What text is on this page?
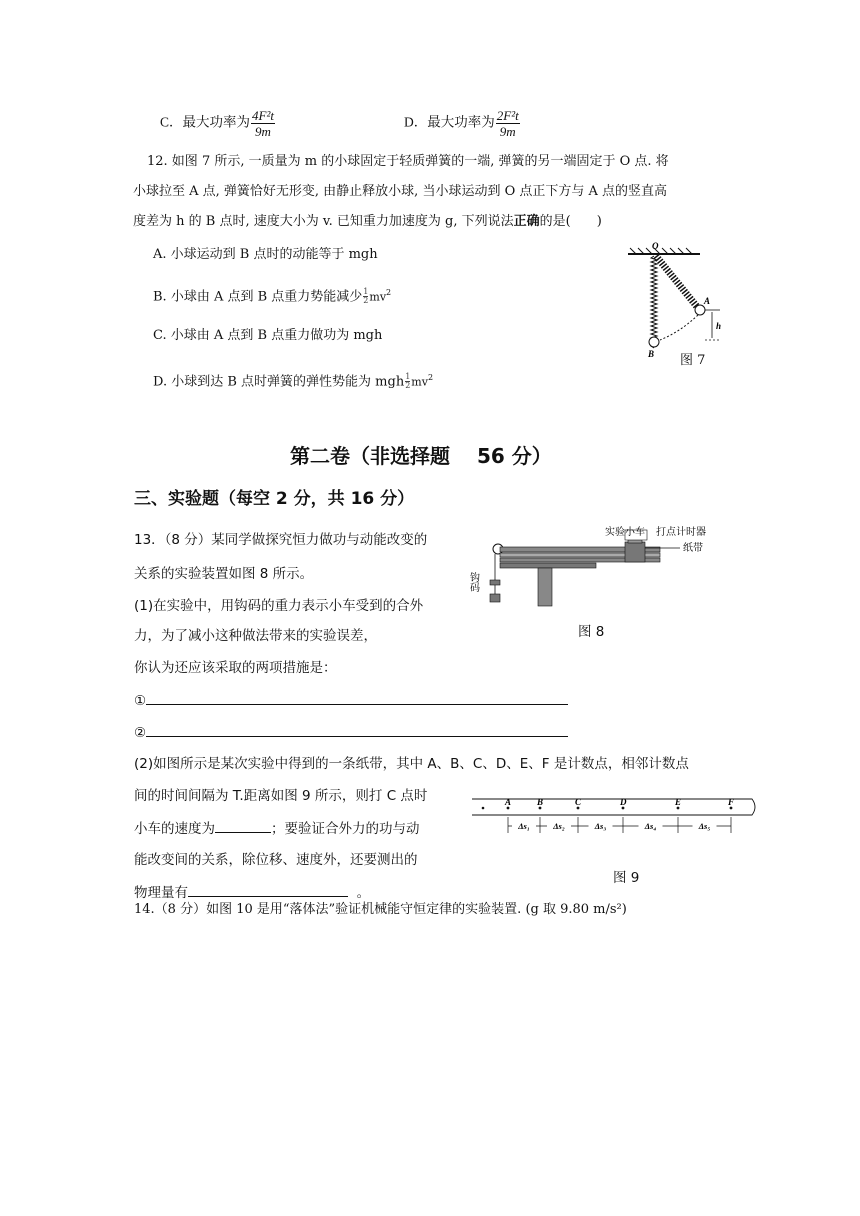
C．最大功率为 $\frac{\text{4F²t}}{9m}$	D．最大功率为 $\frac{\text{2F²t}}{9m}$
12. 如图 7 所示, 一质量为 m 的小球固定于轻质弹簧的一端, 弹簧的另一端固定于 O 点. 将
小球拉至 A 点, 弹簧恰好无形变, 由静止释放小球, 当小球运动到 O 点正下方与 A 点的竖直高
度差为 h 的 B 点时, 速度大小为 v. 已知重力加速度为 g, 下列说法正确的是(　　)
A. 小球运动到 B 点时的动能等于 mgh
B. 小球由 A 点到 B 点重力势能减少 $\frac{1}{2} mv^2$
C. 小球由 A 点到 B 点重力做功为 mgh
D. 小球到达 B 点时弹簧的弹性势能为 mgh $\frac{1}{2} mv^2$
O
A
B
h
图 7
第二卷（非选择题　 56 分）
三、实验题（每空 2 分，共 16 分）
13．（8 分）某同学做探究恒力做功与动能改变的
关系的实验装置如图 8 所示。
(1)在实验中，用钩码的重力表示小车受到的合外
力，为了减小这种做法带来的实验误差，
你认为还应该采取的两项措施是：
①
②
实验小车 打点计时器
纸带
钩码
图 8
(2)如图所示是某次实验中得到的一条纸带，其中 A、B、C、D、E、F 是计数点，相邻计数点
间的时间间隔为 T.距离如图 9 所示，则打 C 点时
小车的速度为	；要验证合外力的功与动
能改变间的关系，除位移、速度外，还要测出的
物理量有	。
A	B	C	D	E	F
Δs₁	Δs₂	Δs₃	Δs₄	Δs₅
图 9
14.（8 分）如图 10 是用“落体法”验证机械能守恒定律的实验装置. (g 取 9.80 m/s²)
